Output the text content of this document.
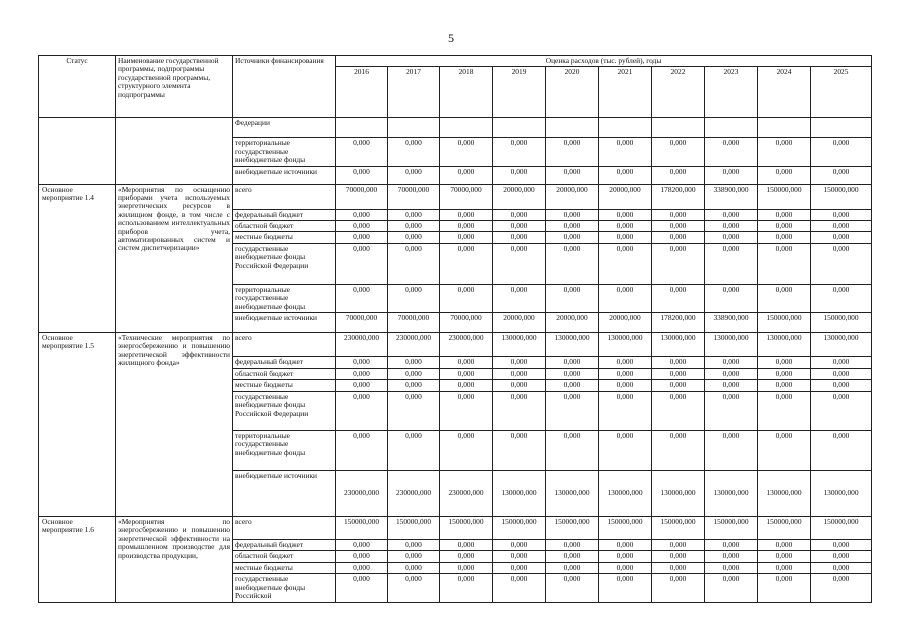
5
Статус	Наименование государственной программы, подпрограммы государственной программы, структурного элемента подпрограммы	Источники финансирования	Оценка расходов (тыс. рублей), годы									
			2016	2017	2018	2019	2020	2021	2022	2023	2024	2025
		Федерации										
		территориальные государственные внебюджетные фонды	0,000	0,000	0,000	0,000	0,000	0,000	0,000	0,000	0,000	0,000
		внебюджетные источники	0,000	0,000	0,000	0,000	0,000	0,000	0,000	0,000	0,000	0,000
Основное мероприятие 1.4	«Мероприятия по оснащению приборами учета используемых энергетических ресурсов в жилищном фонде, в том числе с использованием интеллектуальных приборов учета, автоматизированных систем и систем диспетчеризации»	всего	70000,000	70000,000	70000,000	20000,000	20000,000	20000,000	178200,000	338900,000	150000,000	150000,000
		федеральный бюджет	0,000	0,000	0,000	0,000	0,000	0,000	0,000	0,000	0,000	0,000
		областной бюджет	0,000	0,000	0,000	0,000	0,000	0,000	0,000	0,000	0,000	0,000
		местные бюджеты	0,000	0,000	0,000	0,000	0,000	0,000	0,000	0,000	0,000	0,000
		государственные внебюджетные фонды Российской Федерации	0,000	0,000	0,000	0,000	0,000	0,000	0,000	0,000	0,000	0,000
		территориальные государственные внебюджетные фонды	0,000	0,000	0,000	0,000	0,000	0,000	0,000	0,000	0,000	0,000
		внебюджетные источники	70000,000	70000,000	70000,000	20000,000	20000,000	20000,000	178200,000	338900,000	150000,000	150000,000
Основное мероприятие 1.5	«Технические мероприятия по энергосбережению и повышению энергетической эффективности жилищного фонда»	всего	230000,000	230000,000	230000,000	130000,000	130000,000	130000,000	130000,000	130000,000	130000,000	130000,000
		федеральный бюджет	0,000	0,000	0,000	0,000	0,000	0,000	0,000	0,000	0,000	0,000
		областной бюджет	0,000	0,000	0,000	0,000	0,000	0,000	0,000	0,000	0,000	0,000
		местные бюджеты	0,000	0,000	0,000	0,000	0,000	0,000	0,000	0,000	0,000	0,000
		государственные внебюджетные фонды Российской Федерации	0,000	0,000	0,000	0,000	0,000	0,000	0,000	0,000	0,000	0,000
		территориальные государственные внебюджетные фонды	0,000	0,000	0,000	0,000	0,000	0,000	0,000	0,000	0,000	0,000
		внебюджетные источники	230000,000	230000,000	230000,000	130000,000	130000,000	130000,000	130000,000	130000,000	130000,000	130000,000
Основное мероприятие 1.6	«Мероприятия по энергосбережению и повышению энергетической эффективности на промышленном производстве для производства продукции,	всего	150000,000	150000,000	150000,000	150000,000	150000,000	150000,000	150000,000	150000,000	150000,000	150000,000
		федеральный бюджет	0,000	0,000	0,000	0,000	0,000	0,000	0,000	0,000	0,000	0,000
		областной бюджет	0,000	0,000	0,000	0,000	0,000	0,000	0,000	0,000	0,000	0,000
		местные бюджеты	0,000	0,000	0,000	0,000	0,000	0,000	0,000	0,000	0,000	0,000
		государственные внебюджетные фонды Российской	0,000	0,000	0,000	0,000	0,000	0,000	0,000	0,000	0,000	0,000
